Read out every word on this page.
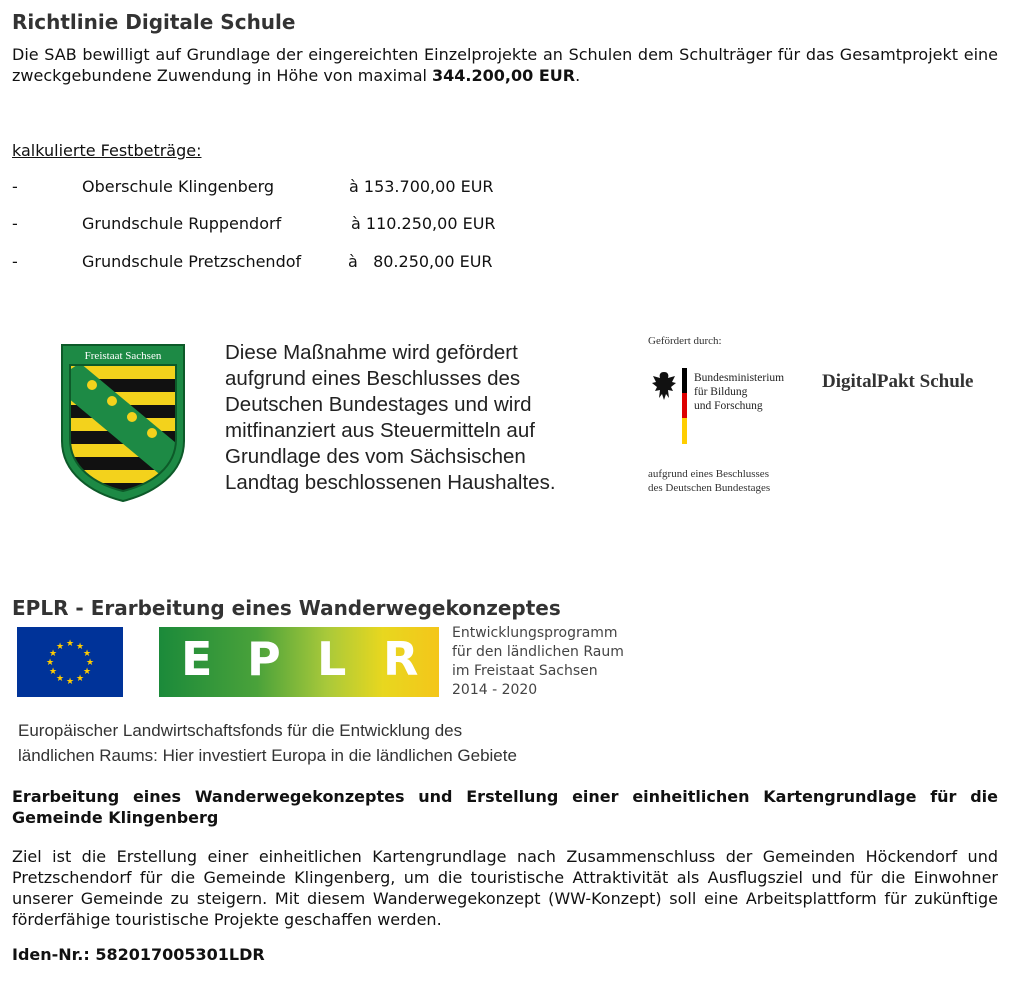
Richtlinie Digitale Schule
Die SAB bewilligt auf Grundlage der eingereichten Einzelprojekte an Schulen dem Schulträger für das Gesamtprojekt eine zweckgebundene Zuwendung in Höhe von maximal 344.200,00 EUR.
kalkulierte Festbeträge:
-	Oberschule Klingenberg	à 153.700,00 EUR
-	Grundschule Ruppendorf	à 110.250,00 EUR
-	Grundschule Pretzschendof	à   80.250,00 EUR
Freistaat Sachsen	Diese Maßnahme wird gefördert
aufgrund eines Beschlusses des
Deutschen Bundestages und wird
mitfinanziert aus Steuermitteln auf
Grundlage des vom Sächsischen
Landtag beschlossenen Haushaltes.
Gefördert durch:
Bundesministerium
für Bildung
und Forschung
aufgrund eines Beschlusses
des Deutschen Bundestages
DigitalPakt Schule
EPLR - Erarbeitung eines Wanderwegekonzeptes
★ ★
★
★
★
★
★
★
★
★
★
★	E P L R Entwicklungsprogramm
für den ländlichen Raum
im Freistaat Sachsen
2014 - 2020
Europäischer Landwirtschaftsfonds für die Entwicklung des
ländlichen Raums: Hier investiert Europa in die ländlichen Gebiete
Erarbeitung eines Wanderwegekonzeptes und Erstellung einer einheitlichen Kartengrundlage für die Gemeinde Klingenberg
Ziel ist die Erstellung einer einheitlichen Kartengrundlage nach Zusammenschluss der Gemeinden Höckendorf und Pretzschendorf für die Gemeinde Klingenberg, um die touristische Attraktivität als Ausflugsziel und für die Einwohner unserer Gemeinde zu steigern. Mit diesem Wanderwegekonzept (WW-Konzept) soll eine Arbeitsplattform für zukünftige förderfähige touristische Projekte geschaffen werden.
Iden-Nr.: 582017005301LDR
